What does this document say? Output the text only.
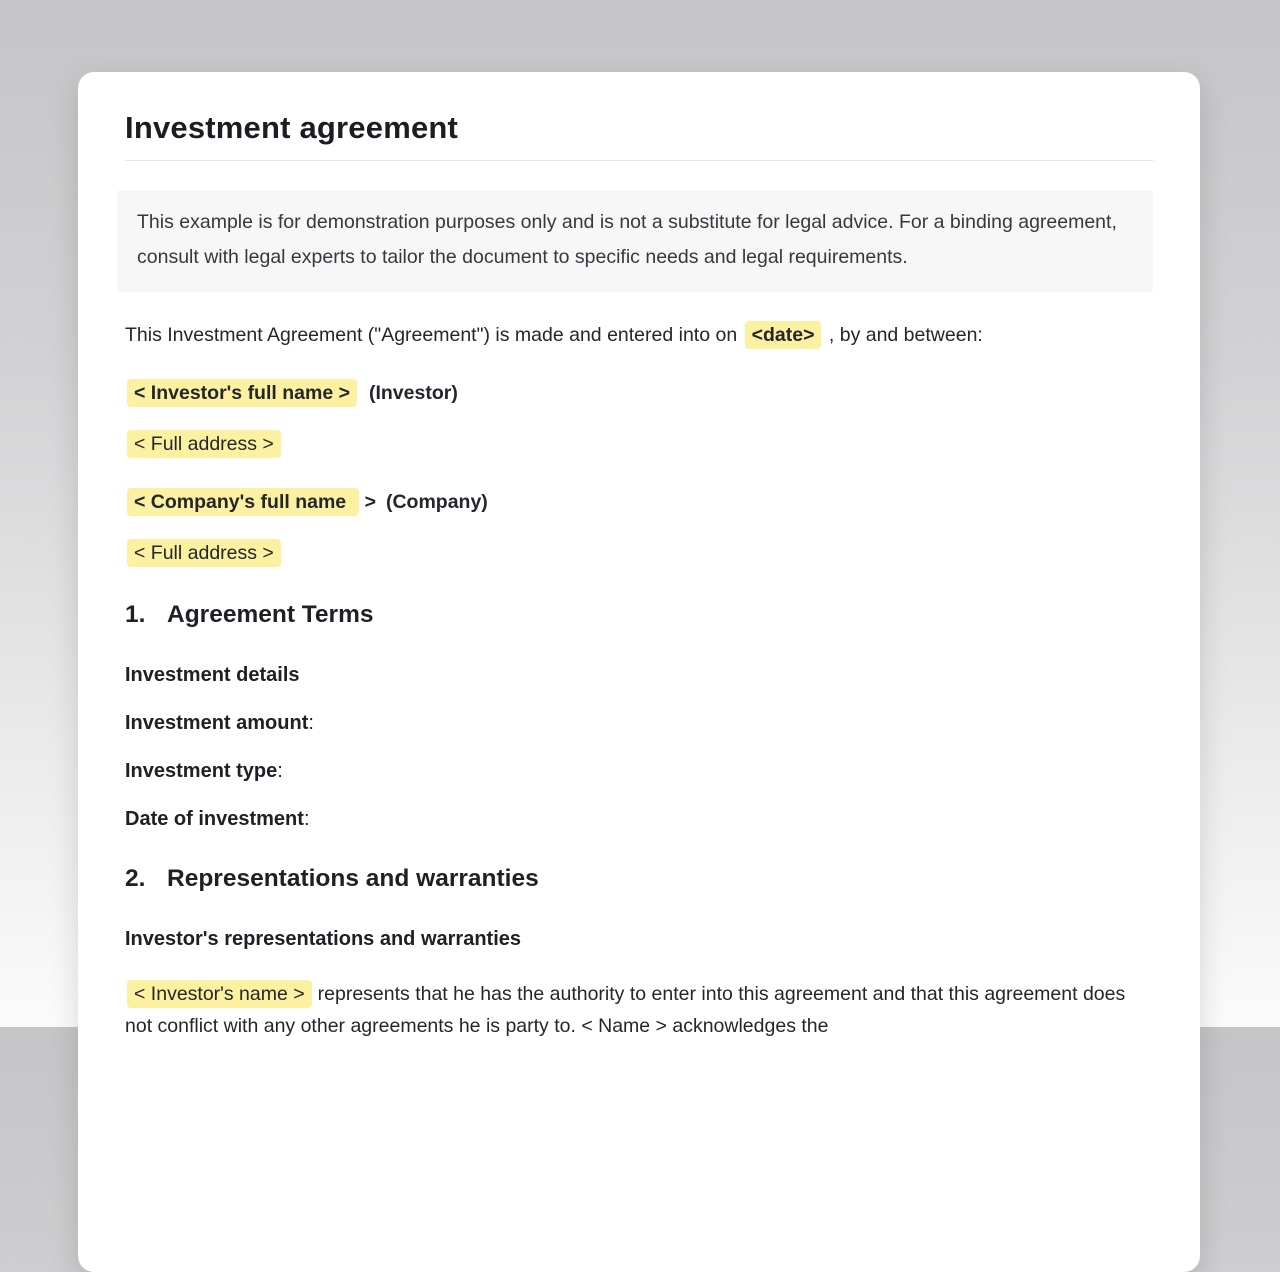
Investment agreement
This example is for demonstration purposes only and is not a substitute for legal advice. For a binding agreement, consult with legal experts to tailor the document to specific needs and legal requirements.

This Investment Agreement ("Agreement") is made and entered into on <date> , by and between:

< Investor's full name > (Investor)

< Full address >

< Company's full name > (Company)

< Full address >

1. Agreement Terms

Investment details

Investment amount:

Investment type:

Date of investment:

2. Representations and warranties

Investor's representations and warranties

< Investor's name > represents that he has the authority to enter into this agreement and that this agreement does not conflict with any other agreements he is party to. < Name > acknowledges the
